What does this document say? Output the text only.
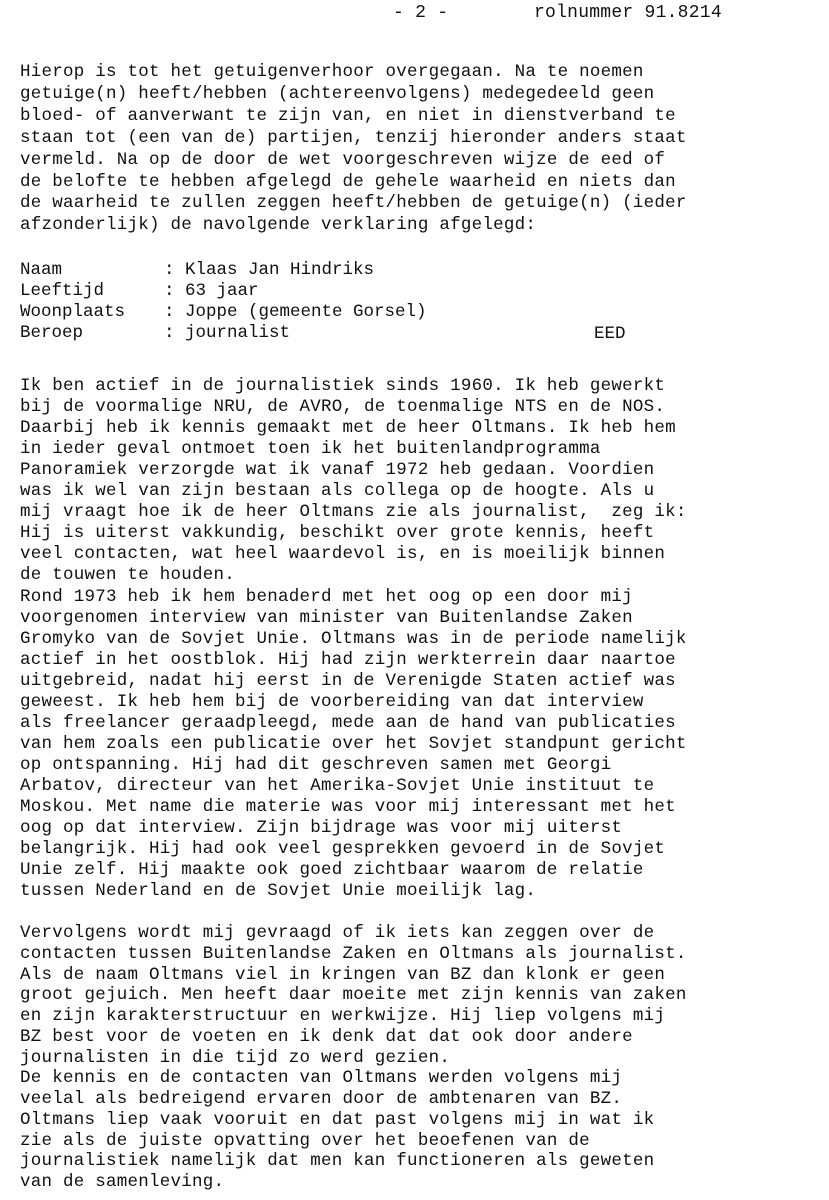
- 2 -	rolnummer 91.8214
Hierop is tot het getuigenverhoor overgegaan. Na te noemen
getuige(n) heeft/hebben (achtereenvolgens) medegedeeld geen
bloed- of aanverwant te zijn van, en niet in dienstverband te
staan tot (een van de) partijen, tenzij hieronder anders staat
vermeld. Na op de door de wet voorgeschreven wijze de eed of
de belofte te hebben afgelegd de gehele waarheid en niets dan
de waarheid te zullen zeggen heeft/hebben de getuige(n) (ieder
afzonderlijk) de navolgende verklaring afgelegd:
Naam	: Klaas Jan Hindriks
Leeftijd	: 63 jaar
Woonplaats : Joppe (gemeente Gorsel)
Beroep	: journalist	EED
Ik ben actief in de journalistiek sinds 1960. Ik heb gewerkt
bij de voormalige NRU, de AVRO, de toenmalige NTS en de NOS.
Daarbij heb ik kennis gemaakt met de heer Oltmans. Ik heb hem
in ieder geval ontmoet toen ik het buitenlandprogramma
Panoramiek verzorgde wat ik vanaf 1972 heb gedaan. Voordien
was ik wel van zijn bestaan als collega op de hoogte. Als u
mij vraagt hoe ik de heer Oltmans zie als journalist,  zeg ik:
Hij is uiterst vakkundig, beschikt over grote kennis, heeft
veel contacten, wat heel waardevol is, en is moeilijk binnen
de touwen te houden.
Rond 1973 heb ik hem benaderd met het oog op een door mij
voorgenomen interview van minister van Buitenlandse Zaken
Gromyko van de Sovjet Unie. Oltmans was in de periode namelijk
actief in het oostblok. Hij had zijn werkterrein daar naartoe
uitgebreid, nadat hij eerst in de Verenigde Staten actief was
geweest. Ik heb hem bij de voorbereiding van dat interview
als freelancer geraadpleegd, mede aan de hand van publicaties
van hem zoals een publicatie over het Sovjet standpunt gericht
op ontspanning. Hij had dit geschreven samen met Georgi
Arbatov, directeur van het Amerika-Sovjet Unie instituut te
Moskou. Met name die materie was voor mij interessant met het
oog op dat interview. Zijn bijdrage was voor mij uiterst
belangrijk. Hij had ook veel gesprekken gevoerd in de Sovjet
Unie zelf. Hij maakte ook goed zichtbaar waarom de relatie
tussen Nederland en de Sovjet Unie moeilijk lag.
Vervolgens wordt mij gevraagd of ik iets kan zeggen over de
contacten tussen Buitenlandse Zaken en Oltmans als journalist.
Als de naam Oltmans viel in kringen van BZ dan klonk er geen
groot gejuich. Men heeft daar moeite met zijn kennis van zaken
en zijn karakterstructuur en werkwijze. Hij liep volgens mij
BZ best voor de voeten en ik denk dat dat ook door andere
journalisten in die tijd zo werd gezien.
De kennis en de contacten van Oltmans werden volgens mij
veelal als bedreigend ervaren door de ambtenaren van BZ.
Oltmans liep vaak vooruit en dat past volgens mij in wat ik
zie als de juiste opvatting over het beoefenen van de
journalistiek namelijk dat men kan functioneren als geweten
van de samenleving.
